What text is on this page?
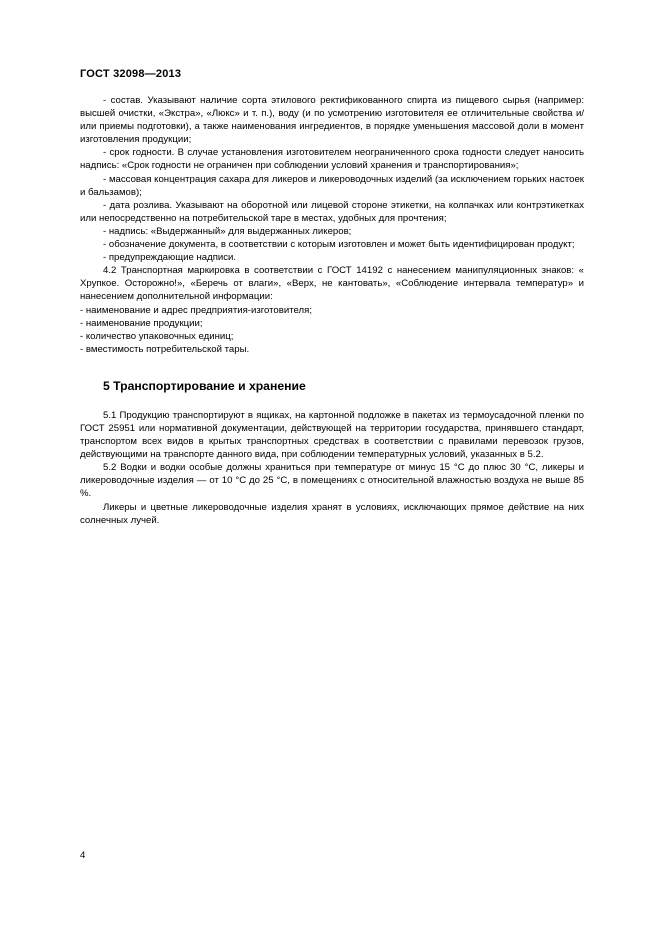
ГОСТ 32098—2013

- состав. Указывают наличие сорта этилового ректификованного спирта из пищевого сырья (например: высшей очистки, «Экстра», «Люкс» и т. п.), воду (и по усмотрению изготовителя ее отличительные свойства и/или приемы подготовки), а также наименования ингредиентов, в порядке уменьшения массовой доли в момент изготовления продукции;

- срок годности. В случае установления изготовителем неограниченного срока годности следует наносить надпись: «Срок годности не ограничен при соблюдении условий хранения и транспортирования»;

- массовая концентрация сахара для ликеров и ликероводочных изделий (за исключением горьких настоек и бальзамов);

- дата розлива. Указывают на оборотной или лицевой стороне этикетки, на колпачках или контрэтикетках или непосредственно на потребительской таре в местах, удобных для прочтения;

- надпись: «Выдержанный» для выдержанных ликеров;

- обозначение документа, в соответствии с которым изготовлен и может быть идентифицирован продукт;

- предупреждающие надписи.

4.2 Транспортная маркировка в соответствии с ГОСТ 14192 с нанесением манипуляционных знаков: « Хрупкое. Осторожно!», «Беречь от влаги», «Верх, не кантовать», «Соблюдение интервала температур» и нанесением дополнительной информации:

- наименование и адрес предприятия-изготовителя;

- наименование продукции;

- количество упаковочных единиц;

- вместимость потребительской тары.

5 Транспортирование и хранение

5.1 Продукцию транспортируют в ящиках, на картонной подложке в пакетах из термоусадочной пленки по ГОСТ 25951 или нормативной документации, действующей на территории государства, принявшего стандарт, транспортом всех видов в крытых транспортных средствах в соответствии с правилами перевозок грузов, действующими на транспорте данного вида, при соблюдении температурных условий, указанных в 5.2.

5.2 Водки и водки особые должны храниться при температуре от минус 15 °С до плюс 30 °С, ликеры и ликероводочные изделия — от 10 °С до 25 °С, в помещениях с относительной влажностью воздуха не выше 85 %.

Ликеры и цветные ликероводочные изделия хранят в условиях, исключающих прямое действие на них солнечных лучей.

4
